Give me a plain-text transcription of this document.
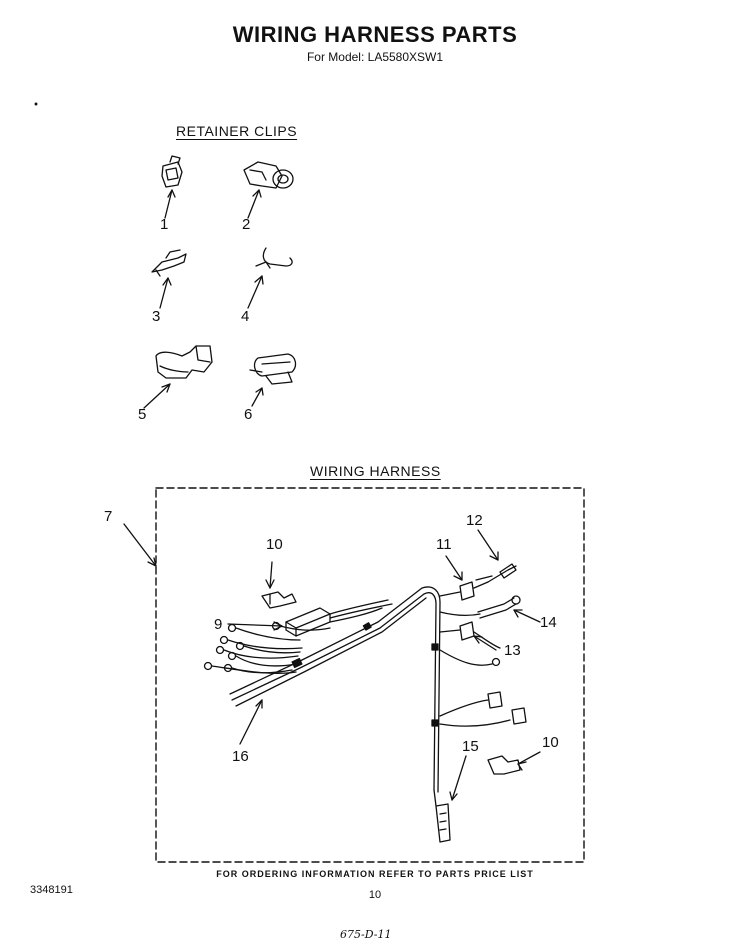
WIRING HARNESS PARTS
For Model: LA5580XSW1
RETAINER CLIPS
WIRING HARNESS
1	2
3	4
5	6
7
10
12
11
9	14
13
10
15
16
FOR ORDERING INFORMATION REFER TO PARTS PRICE LIST
3348191	10
675-D-11
